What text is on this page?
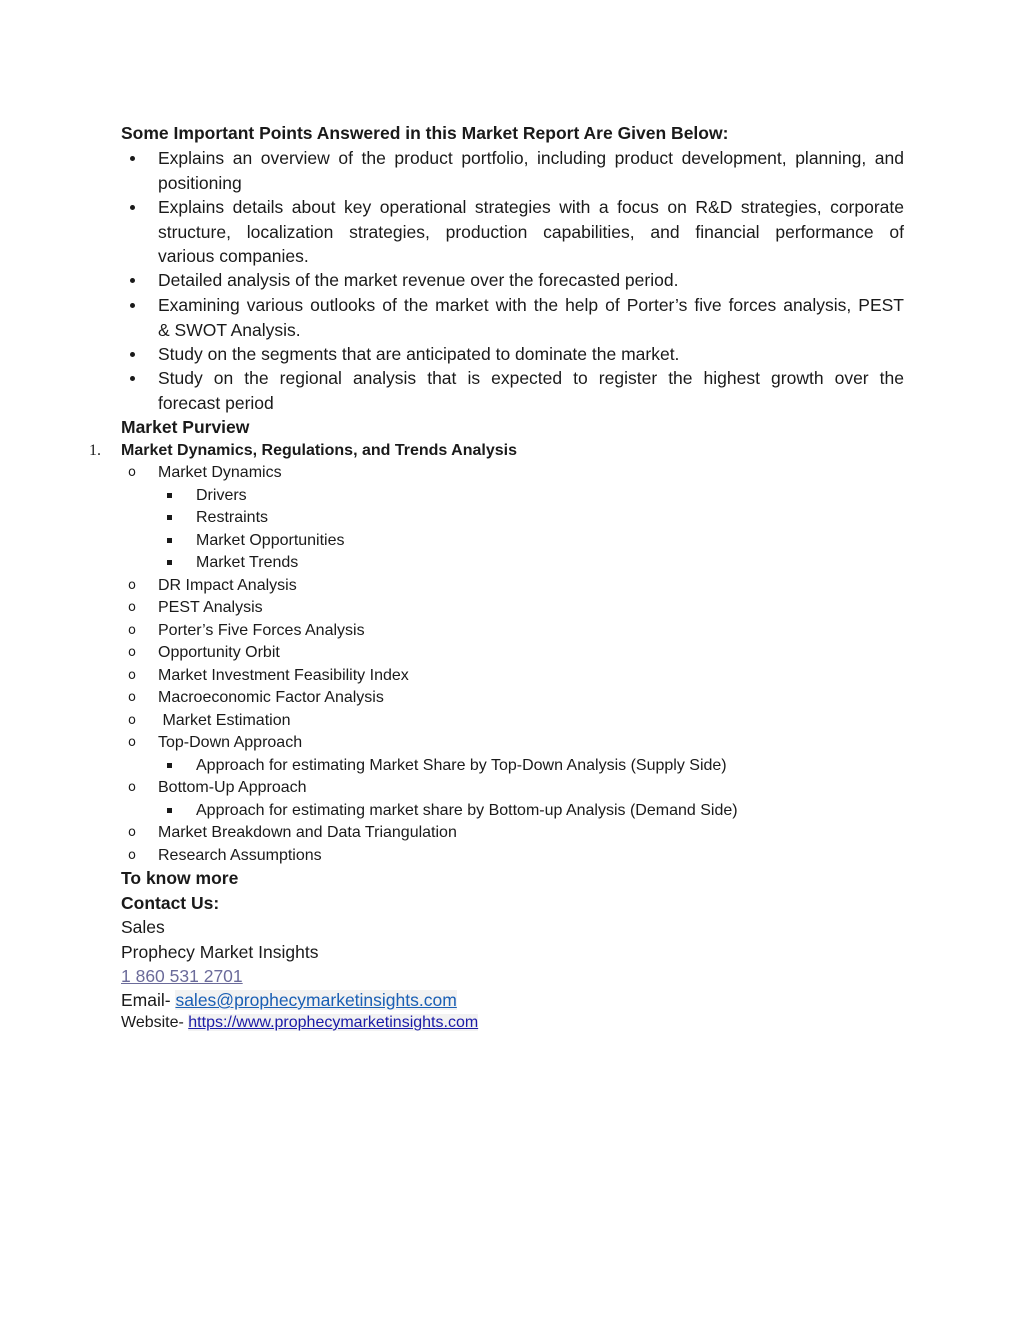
Some Important Points Answered in this Market Report Are Given Below:
Explains an overview of the product portfolio, including product development, planning, and
positioning
Explains details about key operational strategies with a focus on R&D strategies, corporate
structure, localization strategies, production capabilities, and financial performance of
various companies.
Detailed analysis of the market revenue over the forecasted period.
Examining various outlooks of the market with the help of Porter’s five forces analysis, PEST
& SWOT Analysis.
Study on the segments that are anticipated to dominate the market.
Study on the regional analysis that is expected to register the highest growth over the
forecast period
Market Purview
1. Market Dynamics, Regulations, and Trends Analysis
o Market Dynamics
Drivers
Restraints
Market Opportunities
Market Trends
o DR Impact Analysis
o PEST Analysis
o Porter’s Five Forces Analysis
o Opportunity Orbit
o Market Investment Feasibility Index
o Macroeconomic Factor Analysis
o Market Estimation
o Top-Down Approach
Approach for estimating Market Share by Top-Down Analysis (Supply Side)
o Bottom-Up Approach
Approach for estimating market share by Bottom-up Analysis (Demand Side)
o Market Breakdown and Data Triangulation
o Research Assumptions
To know more
Contact Us:
Sales
Prophecy Market Insights
1 860 531 2701
Email- sales@prophecymarketinsights.com
Website- https://www.prophecymarketinsights.com
